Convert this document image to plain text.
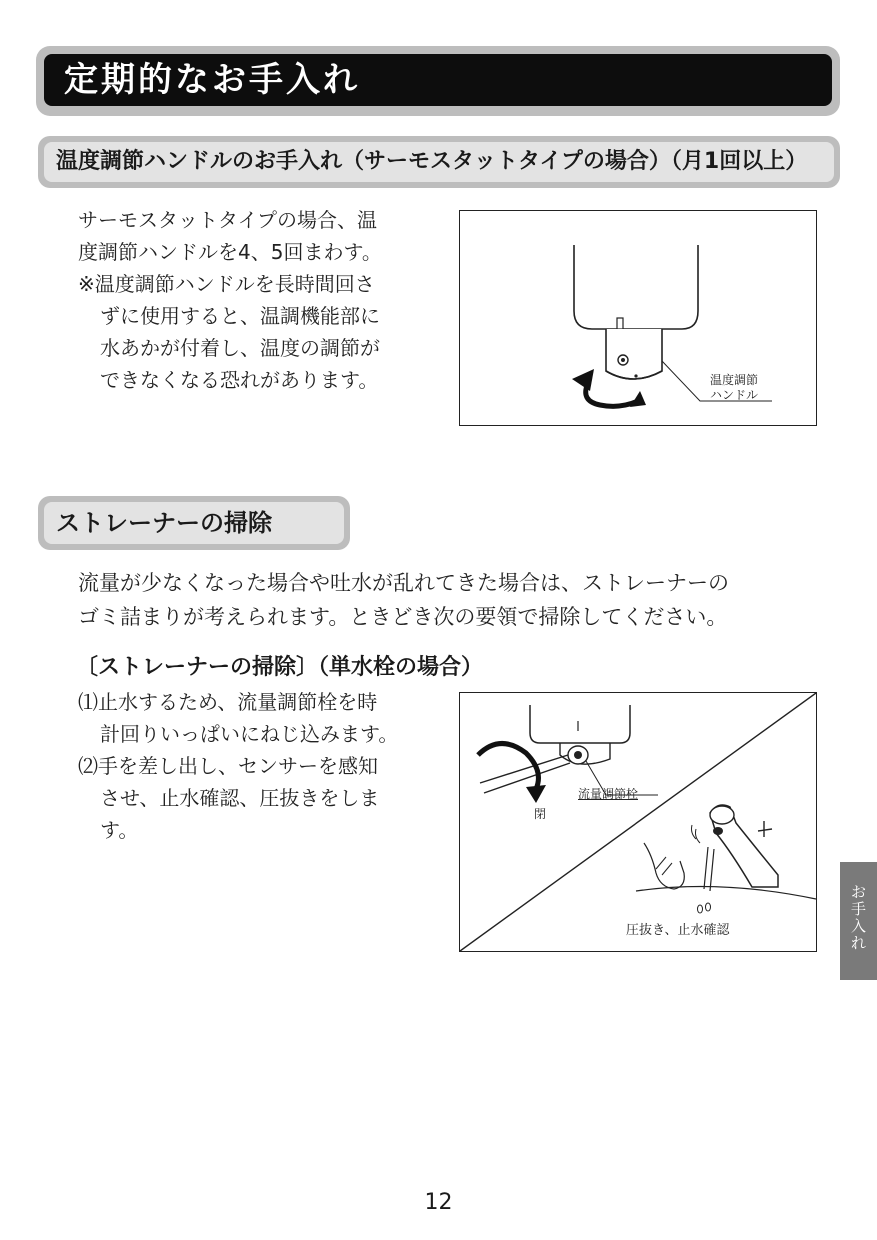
定期的なお手入れ
温度調節ハンドルのお手入れ（サーモスタットタイプの場合）（月1回以上）
サーモスタットタイプの場合、温
度調節ハンドルを4、5回まわす。
※温度調節ハンドルを長時間回さ
ずに使用すると、温調機能部に
水あかが付着し、温度の調節が
できなくなる恐れがあります。	温度調節
ハンドル
ストレーナーの掃除
流量が少なくなった場合や吐水が乱れてきた場合は、ストレーナーの
ゴミ詰まりが考えられます。ときどき次の要領で掃除してください。
〔ストレーナーの掃除〕（単水栓の場合）
⑴止水するため、流量調節栓を時
計回りいっぱいにねじ込みます。
⑵手を差し出し、センサーを感知
させ、止水確認、圧抜きをしま
す。
流量調節栓
閉
圧抜き、止水確認
お
手
入
れ
12
